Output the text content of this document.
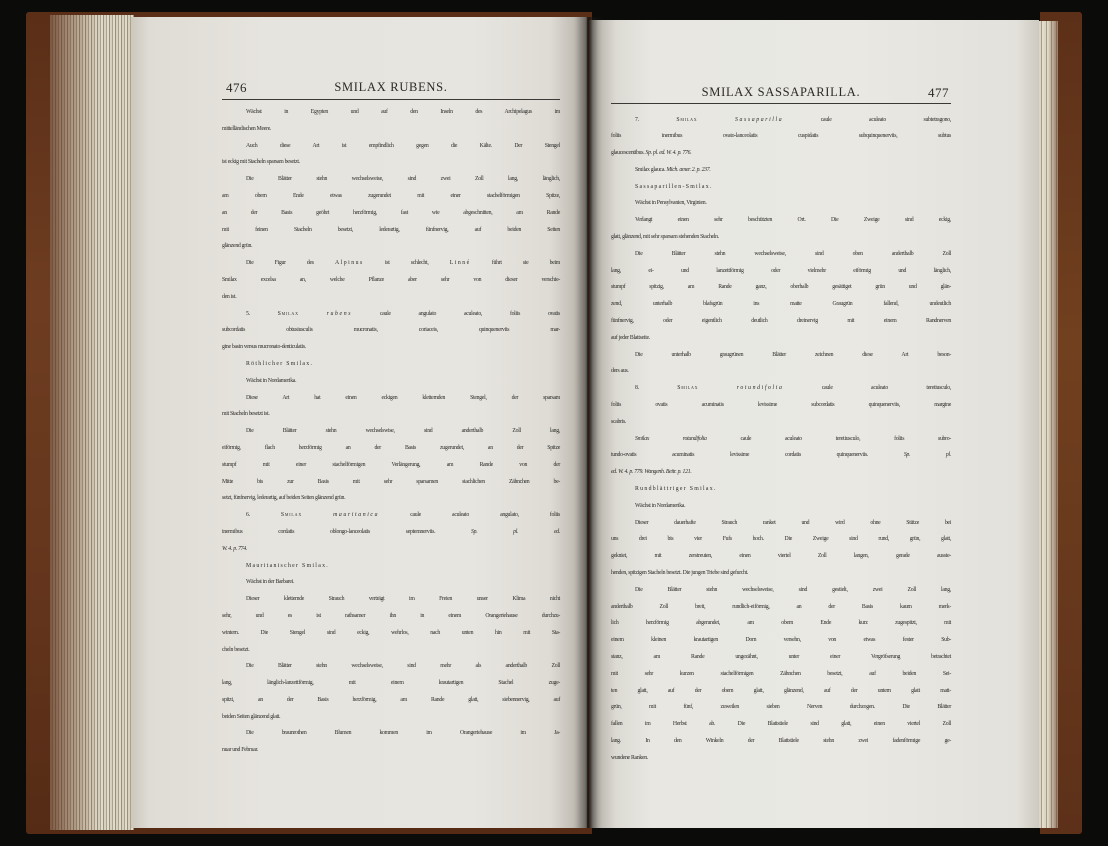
476	SMILAX RUBENS.
Wächst in Egypten und auf den Inseln des Archipelagus im
mittelländischen Meere.
Auch diese Art ist empfindlich gegen die Kälte. Der Stengel
ist eckig mit Stacheln sparsam besetzt.
Die Blätter stehn wechselsweise, sind zwei Zoll lang, länglich,
am obern Ende etwas zugerundet mit einer stachelförmigen Spitze,
an der Basis geöhrt herzförmig, fast wie abgeschnitten, am Rande
mit feinen Stacheln besetzt, lederartig, fünfnervig, auf beiden Seiten
glänzend grün.
Die Figur des Alpinus ist schlecht, Linné führt sie beim
Smilax excelsa an, welche Pflanze aber sehr von dieser verschie-
den ist.
5. Smilax	rubens caule angulato aculeato, foliis ovatis
subcordatis obtusiusculis mucronatis, coriaceis, quinquenerviis mar-
gine basin versus mucronato-denticulatis.
Röthlicher Smilax.
Wächst in Nordamerika.
Diese Art hat einen eckigen kletternden Stengel, der sparsam
mit Stacheln besetzt ist.
Die Blätter stehn wechselswise, sind anderthalb Zoll lang,
eiförmig, flach herzförmig an der Basis zugerundet, an der Spitze
stumpf mit einer stachelförmigen Verlängerung, am Rande von der
Mitte bis zur Basis mit sehr sparsamen stachlichen Zähnchen be-
setzt, fünfnervig, lederartig, auf beiden Seiten glänzend grün.
6. Smilax	mauritanica caule aculeato angulato, foliis
inermibus cordatis oblongo-lanceolatis septemnerviis. Sp. pl. ed.
W. 4. p. 774.
Mauritanischer Smilax.
Wächst in der Barbarei.
Dieser kletternde Strauch verträgt im Freien unser Klima nicht
sehr, und es ist rathsamer ihn in einem Orangeriehause durchzu-
wintern. Die Stengel sind eckig, wehrlos, nach unten hin mit Sta-
cheln besetzt.
Die Blätter stehn wechselsweise, sind mehr als anderthalb Zoll
lang, länglich-lanzettförmig, mit einem krautartigen Stachel zuge-
spitzt, an der Basis herzförmig, am Rande glatt, siebennervig, auf
beiden Seiten glänzend glatt.
Die braunrothen Blumen kommen im Orangeriehause im Ja-
nuar und Februar.
SMILAX SASSAPARILLA.	477
7. Smilax	Sassaparilla caule aculeato subtetragono,
foliis inermibus ovato-lanceolatis cuspidatis subquinquenerviis, subtus
glaucescentibus. Sp. pl. ed. W. 4. p. 776.
Smilax glauca. Mich. amer. 2. p. 237.
Sassaparillen-Smilax.
Wächst in Pensylvanien, Virginien.
Verlangt einen sehr beschützten Ort. Die Zweige sind eckig,
glatt, glänzend, mit sehr sparsam stehenden Stacheln.
Die Blätter stehn wechselsweise, sind oben anderthalb Zoll
lang, ei- und lanzettförmig oder vielmehr eiförmig und länglich,
stumpf spitzig, am Rande ganz, oberhalb gesättiget grün und glän-
zend, unterhalb blafsgrün ins matte Graugrün fallend, undeutlich
fünfnervig, oder eigentlich deutlich dreinervig mit einem Randnerven
auf jeder Blattseite.
Die unterhalb graugrünen Blätter zeichnen diese Art beson-
ders aus.
8. Smilax	rotundifolia caule aculeato teretiusculo,
foliis ovatis acuminatis levissime subcordatis quinquenerviis, margine
scabris.
Smilax rotundifolia caule aculeato teretiusculo, foliis subro-
tundo-ovatis acuminatis levissime cordatis quinquenerviis. Sp. pl.
ed. W. 4. p. 779. Wangenh. Beitr. p. 121.
Rundblättriger Smilax.
Wächst in Nordamerika.
Dieser dauerhafte Strauch ranket und wird ohne Stütze bei
uns drei bis vier Fufs hoch. Die Zweige sind rund, grün, glatt,
gekniet, mit zerstreuten, einen viertel Zoll langen, gerade ausste-
henden, spitzigen Stacheln besetzt. Die jungen Triebe sind gefurcht.
Die Blätter stehn wechselsweise, sind gestielt, zwei Zoll lang,
anderthalb Zoll breit, rundlich-eiförmig, an der Basis kaum merk-
lich herzförmig abgerundet, am obern Ende kurz zugespitzt, mit
einem kleinen krautartigen Dorn versehn, von etwas fester Sub-
stanz, am Rande ungezähnt, unter einer Vergröfserung betrachtet
mit sehr kurzen stachelförmigen Zähnchen besetzt, auf beiden Sei-
ten glatt, auf der obern glatt, glänzend, auf der untern glatt matt-
grün, mit fünf, zuweilen sieben Nerven durchzogen. Die Blätter
fallen im Herbst ab. Die Blattstiele sind glatt, einen viertel Zoll
lang. In den Winkeln der Blattstiele stehn zwei fadenförmige ge-
wundene Ranken.
